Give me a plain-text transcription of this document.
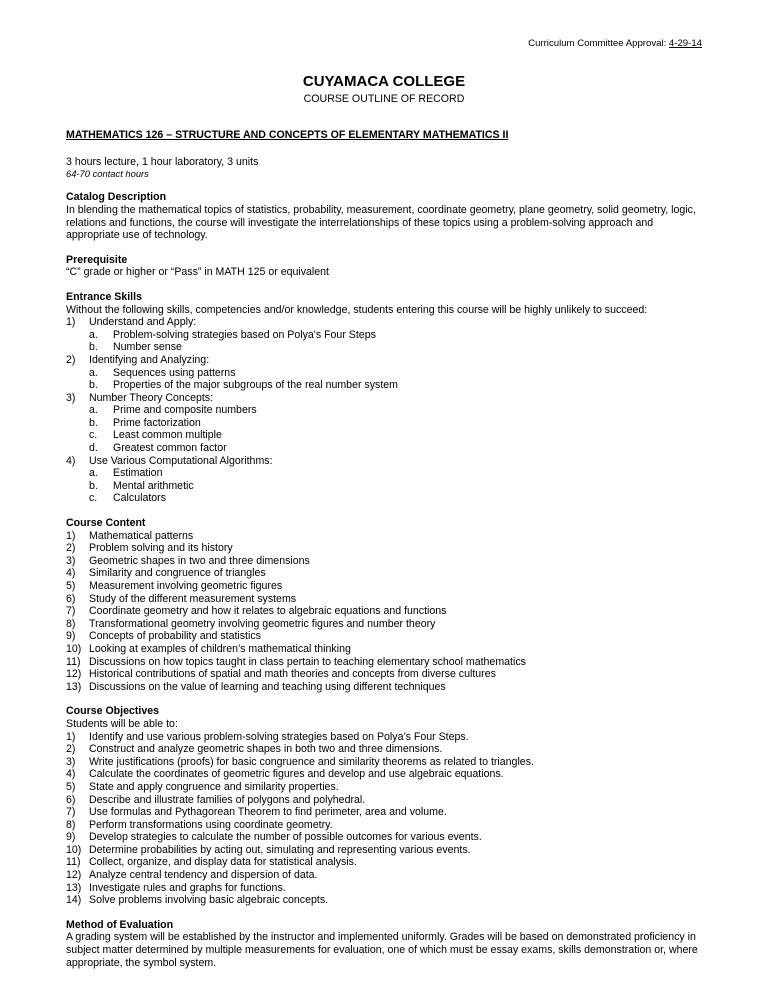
Curriculum Committee Approval: 4-29-14
CUYAMACA COLLEGE
COURSE OUTLINE OF RECORD
MATHEMATICS 126 – STRUCTURE AND CONCEPTS OF ELEMENTARY MATHEMATICS II
3 hours lecture, 1 hour laboratory, 3 units
64-70 contact hours
Catalog Description
In blending the mathematical topics of statistics, probability, measurement, coordinate geometry, plane geometry, solid geometry, logic, relations and functions, the course will investigate the interrelationships of these topics using a problem-solving approach and appropriate use of technology.
Prerequisite
“C” grade or higher or “Pass” in MATH 125 or equivalent
Entrance Skills
Without the following skills, competencies and/or knowledge, students entering this course will be highly unlikely to succeed:
1) Understand and Apply:
a. Problem-solving strategies based on Polya's Four Steps
b. Number sense
2) Identifying and Analyzing:
a. Sequences using patterns
b. Properties of the major subgroups of the real number system
3) Number Theory Concepts:
a. Prime and composite numbers
b. Prime factorization
c. Least common multiple
d. Greatest common factor
4) Use Various Computational Algorithms:
a. Estimation
b. Mental arithmetic
c. Calculators
Course Content
1) Mathematical patterns
2) Problem solving and its history
3) Geometric shapes in two and three dimensions
4) Similarity and congruence of triangles
5) Measurement involving geometric figures
6) Study of the different measurement systems
7) Coordinate geometry and how it relates to algebraic equations and functions
8) Transformational geometry involving geometric figures and number theory
9) Concepts of probability and statistics
10) Looking at examples of children’s mathematical thinking
11) Discussions on how topics taught in class pertain to teaching elementary school mathematics
12) Historical contributions of spatial and math theories and concepts from diverse cultures
13) Discussions on the value of learning and teaching using different techniques
Course Objectives
Students will be able to:
1) Identify and use various problem-solving strategies based on Polya’s Four Steps.
2) Construct and analyze geometric shapes in both two and three dimensions.
3) Write justifications (proofs) for basic congruence and similarity theorems as related to triangles.
4) Calculate the coordinates of geometric figures and develop and use algebraic equations.
5) State and apply congruence and similarity properties.
6) Describe and illustrate families of polygons and polyhedral.
7) Use formulas and Pythagorean Theorem to find perimeter, area and volume.
8) Perform transformations using coordinate geometry.
9) Develop strategies to calculate the number of possible outcomes for various events.
10) Determine probabilities by acting out, simulating and representing various events.
11) Collect, organize, and display data for statistical analysis.
12) Analyze central tendency and dispersion of data.
13) Investigate rules and graphs for functions.
14) Solve problems involving basic algebraic concepts.
Method of Evaluation
A grading system will be established by the instructor and implemented uniformly. Grades will be based on demonstrated proficiency in subject matter determined by multiple measurements for evaluation, one of which must be essay exams, skills demonstration or, where appropriate, the symbol system.
